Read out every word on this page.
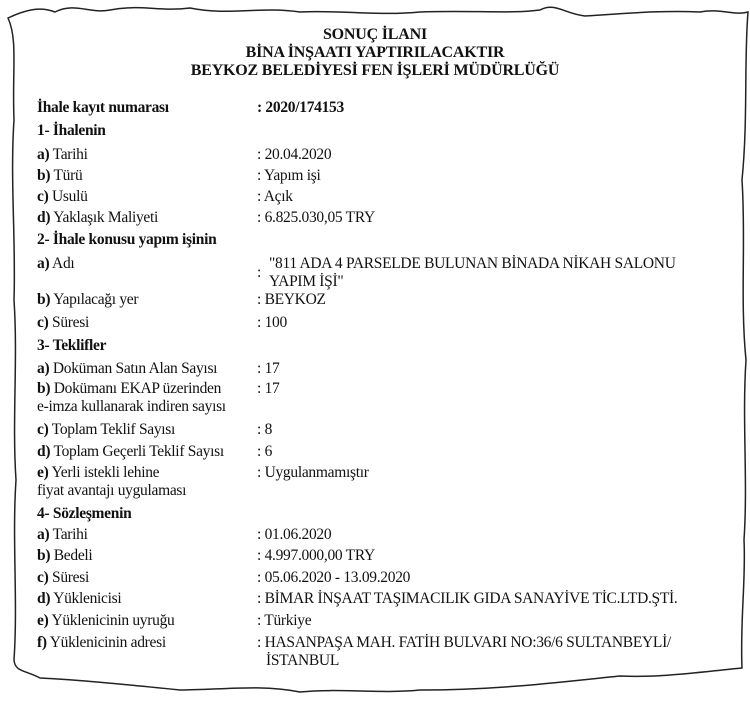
SONUÇ İLANI
BİNA İNŞAATI YAPTIRILACAKTIR
BEYKOZ BELEDİYESİ FEN İŞLERİ MÜDÜRLÜĞÜ
İhale kayıt numarası	: 2020/174153
1- İhalenin
a) Tarihi	: 20.04.2020
b) Türü	: Yapım işi
c) Usulü	: Açık
d) Yaklaşık Maliyeti	: 6.825.030,05 TRY
2- İhale konusu yapım işinin
a) Adı
:
"811 ADA 4 PARSELDE BULUNAN BİNADA NİKAH SALONU
YAPIM İŞİ"
b) Yapılacağı yer	: BEYKOZ
c) Süresi	: 100
3- Teklifler
a) Doküman Satın Alan Sayısı	: 17
b) Dokümanı EKAP üzerinden
e-imza kullanarak indiren sayısı
: 17
c) Toplam Teklif Sayısı	: 8
d) Toplam Geçerli Teklif Sayısı : 6
e) Yerli istekli lehine
fiyat avantajı uygulaması
: Uygulanmamıştır
4- Sözleşmenin
a) Tarihi	: 01.06.2020
b) Bedeli	: 4.997.000,00 TRY
c) Süresi	: 05.06.2020 - 13.09.2020
d) Yüklenicisi	: BİMAR İNŞAAT TAŞIMACILIK GIDA SANAYİVE TİC.LTD.ŞTİ.
e) Yüklenicinin uyruğu	: Türkiye
f) Yüklenicinin adresi	: HASANPAŞA MAH. FATİH BULVARI NO:36/6 SULTANBEYLİ/
İSTANBUL
